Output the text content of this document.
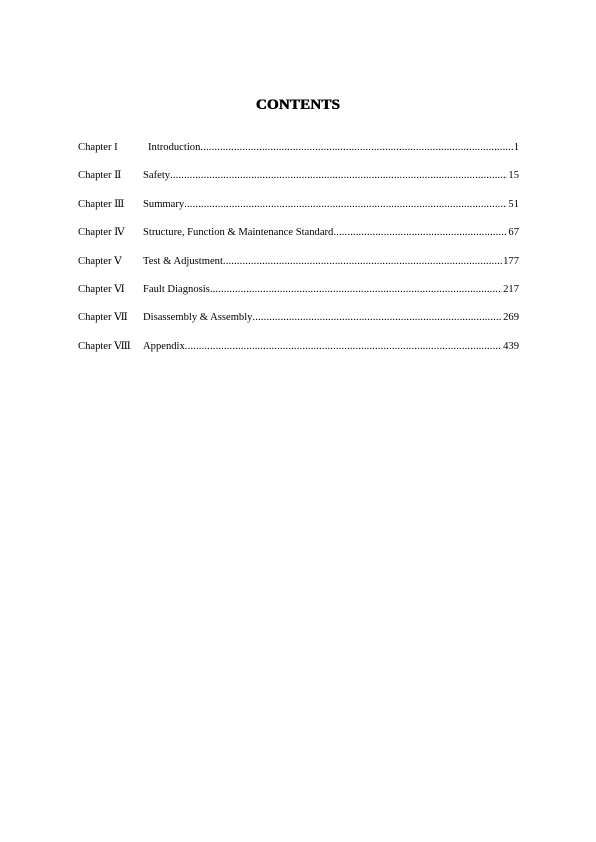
CONTENTS
Chapter I	Introduction .....	1
Chapter Ⅱ Safety .....	15
Chapter Ⅲ Summary .....	51
Chapter Ⅳ Structure, Function & Maintenance Standard .....	67
Chapter Ⅴ Test & Adjustment .....	177
Chapter Ⅵ Fault Diagnosis .....	217
Chapter Ⅶ Disassembly & Assembly .....	269
Chapter Ⅷ Appendix .....	439
